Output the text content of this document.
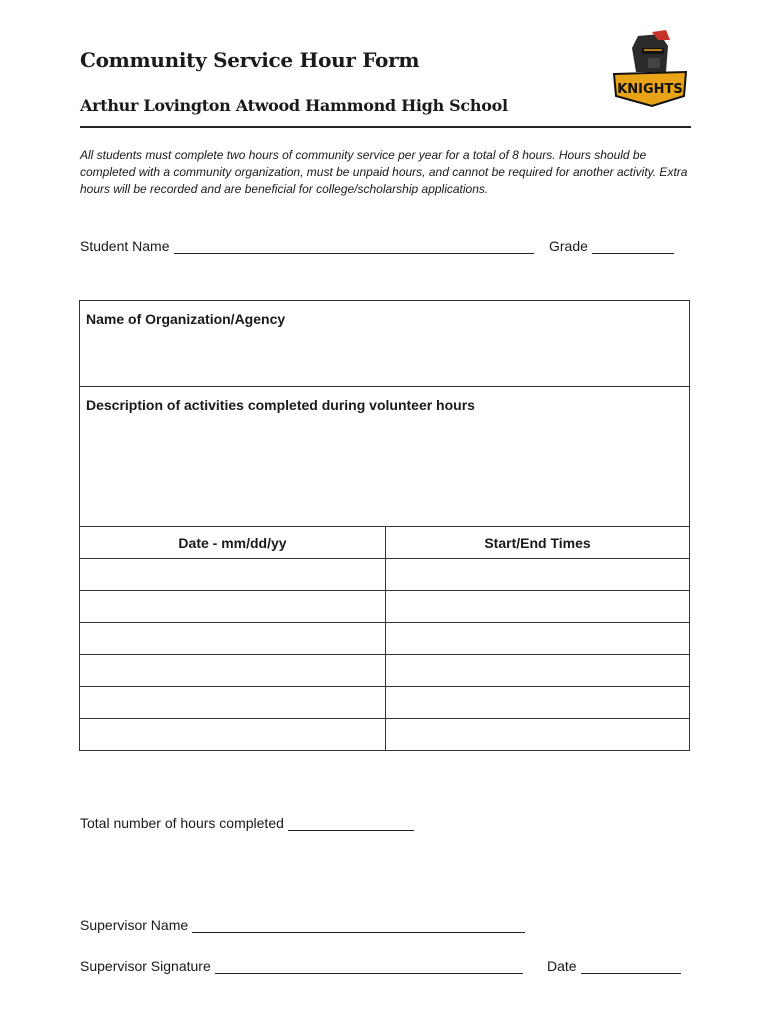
Community Service Hour Form
Arthur Lovington Atwood Hammond High School
KNIGHTS
All students must complete two hours of community service per year for a total of 8 hours. Hours should be completed with a community organization, must be unpaid hours, and cannot be required for another activity. Extra hours will be recorded and are beneficial for college/scholarship applications.
Student Name	Grade
Name of Organization/Agency
Description of activities completed during volunteer hours
Date - mm/dd/yy	Start/End Times

Total number of hours completed
Supervisor Name
Supervisor Signature	Date
